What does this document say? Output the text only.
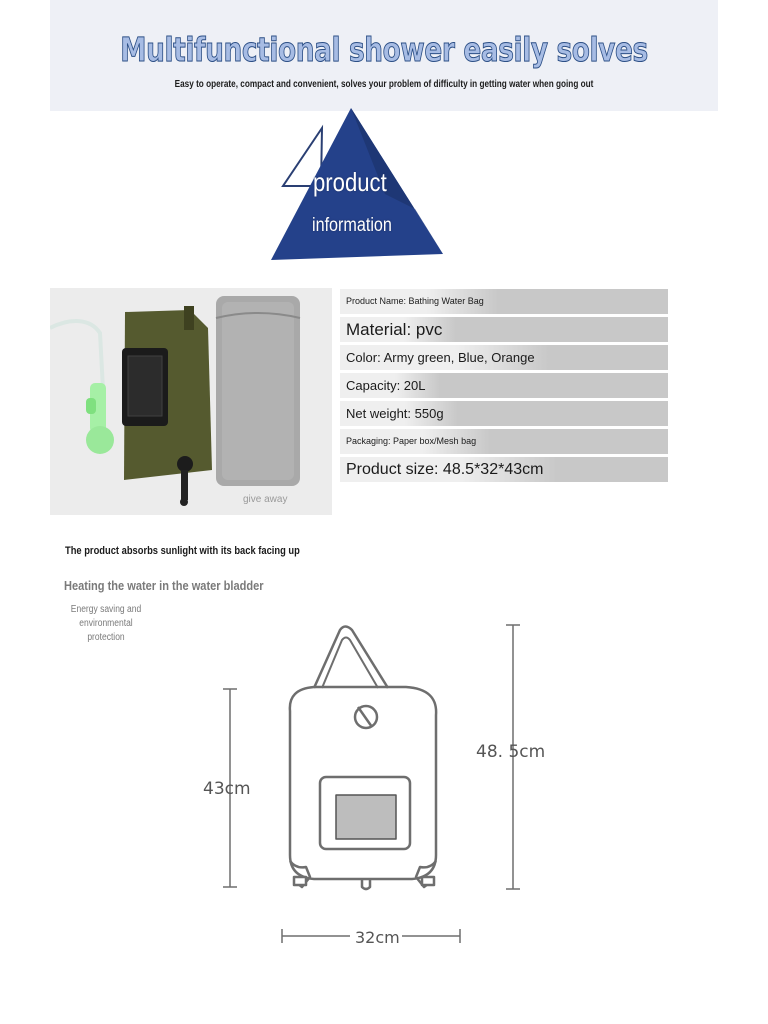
Multifunctional shower easily solves
Easy to operate, compact and convenient, solves your problem of difficulty in getting water when going out
product
information
give away
Product Name: Bathing Water Bag
Material: pvc
Color: Army green, Blue, Orange
Capacity: 20L
Net weight: 550g
Packaging: Paper box/Mesh bag
Product size: 48.5*32*43cm
The product absorbs sunlight with its back facing up
Heating the water in the water bladder
Energy saving and environmental
protection
48. 5cm
43cm
32cm
